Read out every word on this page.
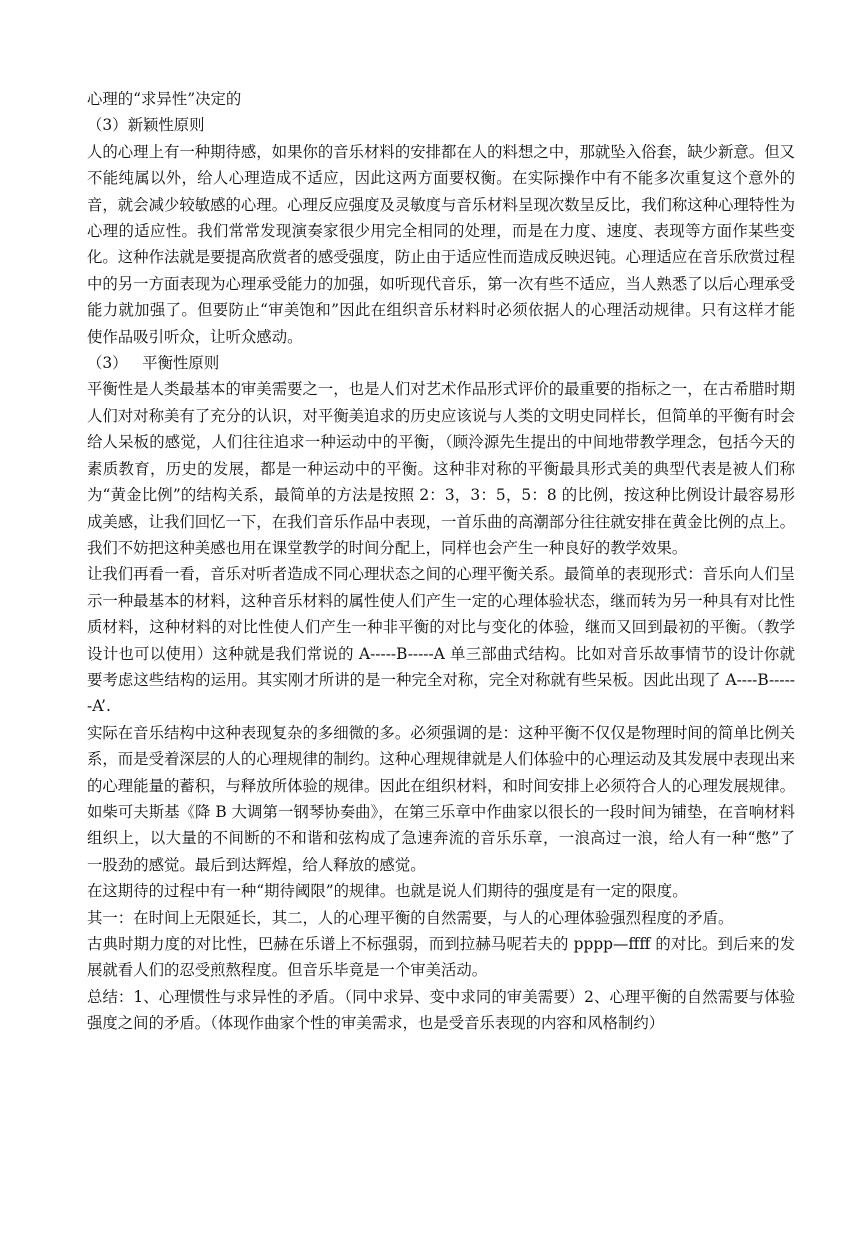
心理的“求异性”决定的

（3）新颖性原则

人的心理上有一种期待感，如果你的音乐材料的安排都在人的料想之中，那就坠入俗套，缺少新意。但又不能纯属以外，给人心理造成不适应，因此这两方面要权衡。在实际操作中有不能多次重复这个意外的音，就会减少较敏感的心理。心理反应强度及灵敏度与音乐材料呈现次数呈反比，我们称这种心理特性为心理的适应性。我们常常发现演奏家很少用完全相同的处理，而是在力度、速度、表现等方面作某些变化。这种作法就是要提高欣赏者的感受强度，防止由于适应性而造成反映迟钝。心理适应在音乐欣赏过程中的另一方面表现为心理承受能力的加强，如听现代音乐，第一次有些不适应，当人熟悉了以后心理承受能力就加强了。但要防止“审美饱和”因此在组织音乐材料时必须依据人的心理活动规律。只有这样才能使作品吸引听众，让听众感动。

（3）   平衡性原则

平衡性是人类最基本的审美需要之一，也是人们对艺术作品形式评价的最重要的指标之一，在古希腊时期人们对对称美有了充分的认识，对平衡美追求的历史应该说与人类的文明史同样长，但简单的平衡有时会给人呆板的感觉，人们往往追求一种运动中的平衡，（顾泠源先生提出的中间地带教学理念，包括今天的素质教育，历史的发展，都是一种运动中的平衡。这种非对称的平衡最具形式美的典型代表是被人们称为“黄金比例”的结构关系，最简单的方法是按照 2：3，3：5，5：8 的比例，按这种比例设计最容易形成美感，让我们回忆一下，在我们音乐作品中表现，一首乐曲的高潮部分往往就安排在黄金比例的点上。我们不妨把这种美感也用在课堂教学的时间分配上，同样也会产生一种良好的教学效果。

让我们再看一看，音乐对听者造成不同心理状态之间的心理平衡关系。最简单的表现形式：音乐向人们呈示一种最基本的材料，这种音乐材料的属性使人们产生一定的心理体验状态，继而转为另一种具有对比性质材料，这种材料的对比性使人们产生一种非平衡的对比与变化的体验，继而又回到最初的平衡。（教学设计也可以使用）这种就是我们常说的 A-----B-----A 单三部曲式结构。比如对音乐故事情节的设计你就要考虑这些结构的运用。其实刚才所讲的是一种完全对称，完全对称就有些呆板。因此出现了 A----B------A’.

实际在音乐结构中这种表现复杂的多细微的多。必须强调的是：这种平衡不仅仅是物理时间的简单比例关系，而是受着深层的人的心理规律的制约。这种心理规律就是人们体验中的心理运动及其发展中表现出来的心理能量的蓄积，与释放所体验的规律。因此在组织材料，和时间安排上必须符合人的心理发展规律。如柴可夫斯基《降 B 大调第一钢琴协奏曲》，在第三乐章中作曲家以很长的一段时间为铺垫，在音响材料组织上，以大量的不间断的不和谐和弦构成了急速奔流的音乐乐章，一浪高过一浪，给人有一种“憋”了一股劲的感觉。最后到达辉煌，给人释放的感觉。

在这期待的过程中有一种“期待阈限”的规律。也就是说人们期待的强度是有一定的限度。

其一：在时间上无限延长，其二，人的心理平衡的自然需要，与人的心理体验强烈程度的矛盾。

古典时期力度的对比性，巴赫在乐谱上不标强弱，而到拉赫马呢若夫的 pppp—ffff 的对比。到后来的发展就看人们的忍受煎熬程度。但音乐毕竟是一个审美活动。

总结：1、心理惯性与求异性的矛盾。（同中求异、变中求同的审美需要）2、心理平衡的自然需要与体验强度之间的矛盾。（体现作曲家个性的审美需求，也是受音乐表现的内容和风格制约）
